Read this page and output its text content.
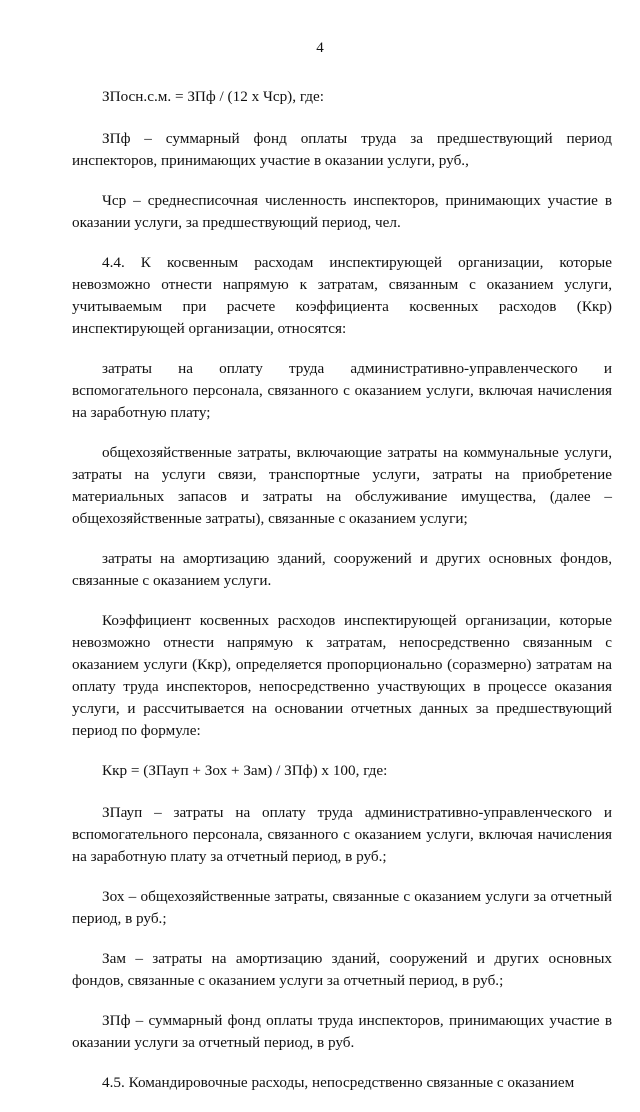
4

ЗПосн.с.м. = ЗПф / (12 х Чср), где:

ЗПф – суммарный фонд оплаты труда за предшествующий период инспекторов, принимающих участие в оказании услуги, руб.,

Чср – среднесписочная численность инспекторов, принимающих участие в оказании услуги, за предшествующий период, чел.

4.4. К косвенным расходам инспектирующей организации, которые невозможно отнести напрямую к затратам, связанным с оказанием услуги, учитываемым при расчете коэффициента косвенных расходов (Ккр) инспектирующей организации, относятся:

затраты на оплату труда административно-управленческого и вспомогательного персонала, связанного с оказанием услуги, включая начисления на заработную плату;

общехозяйственные затраты, включающие затраты на коммунальные услуги, затраты на услуги связи, транспортные услуги, затраты на приобретение материальных запасов и затраты на обслуживание имущества, (далее – общехозяйственные затраты), связанные с оказанием услуги;

затраты на амортизацию зданий, сооружений и других основных фондов, связанные с оказанием услуги.

Коэффициент косвенных расходов инспектирующей организации, которые невозможно отнести напрямую к затратам, непосредственно связанным с оказанием услуги (Ккр), определяется пропорционально (соразмерно) затратам на оплату труда инспекторов, непосредственно участвующих в процессе оказания услуги, и рассчитывается на основании отчетных данных за предшествующий период по формуле:

Ккр = (ЗПауп + Зох + Зам) / ЗПф) х 100, где:

ЗПауп – затраты на оплату труда административно-управленческого и вспомогательного персонала, связанного с оказанием услуги, включая начисления на заработную плату за отчетный период, в руб.;

Зох – общехозяйственные затраты, связанные с оказанием услуги за отчетный период, в руб.;

Зам – затраты на амортизацию зданий, сооружений и других основных фондов, связанные с оказанием услуги за отчетный период, в руб.;

ЗПф – суммарный фонд оплаты труда инспекторов, принимающих участие в оказании услуги за отчетный период, в руб.

4.5. Командировочные расходы, непосредственно связанные с оказанием
